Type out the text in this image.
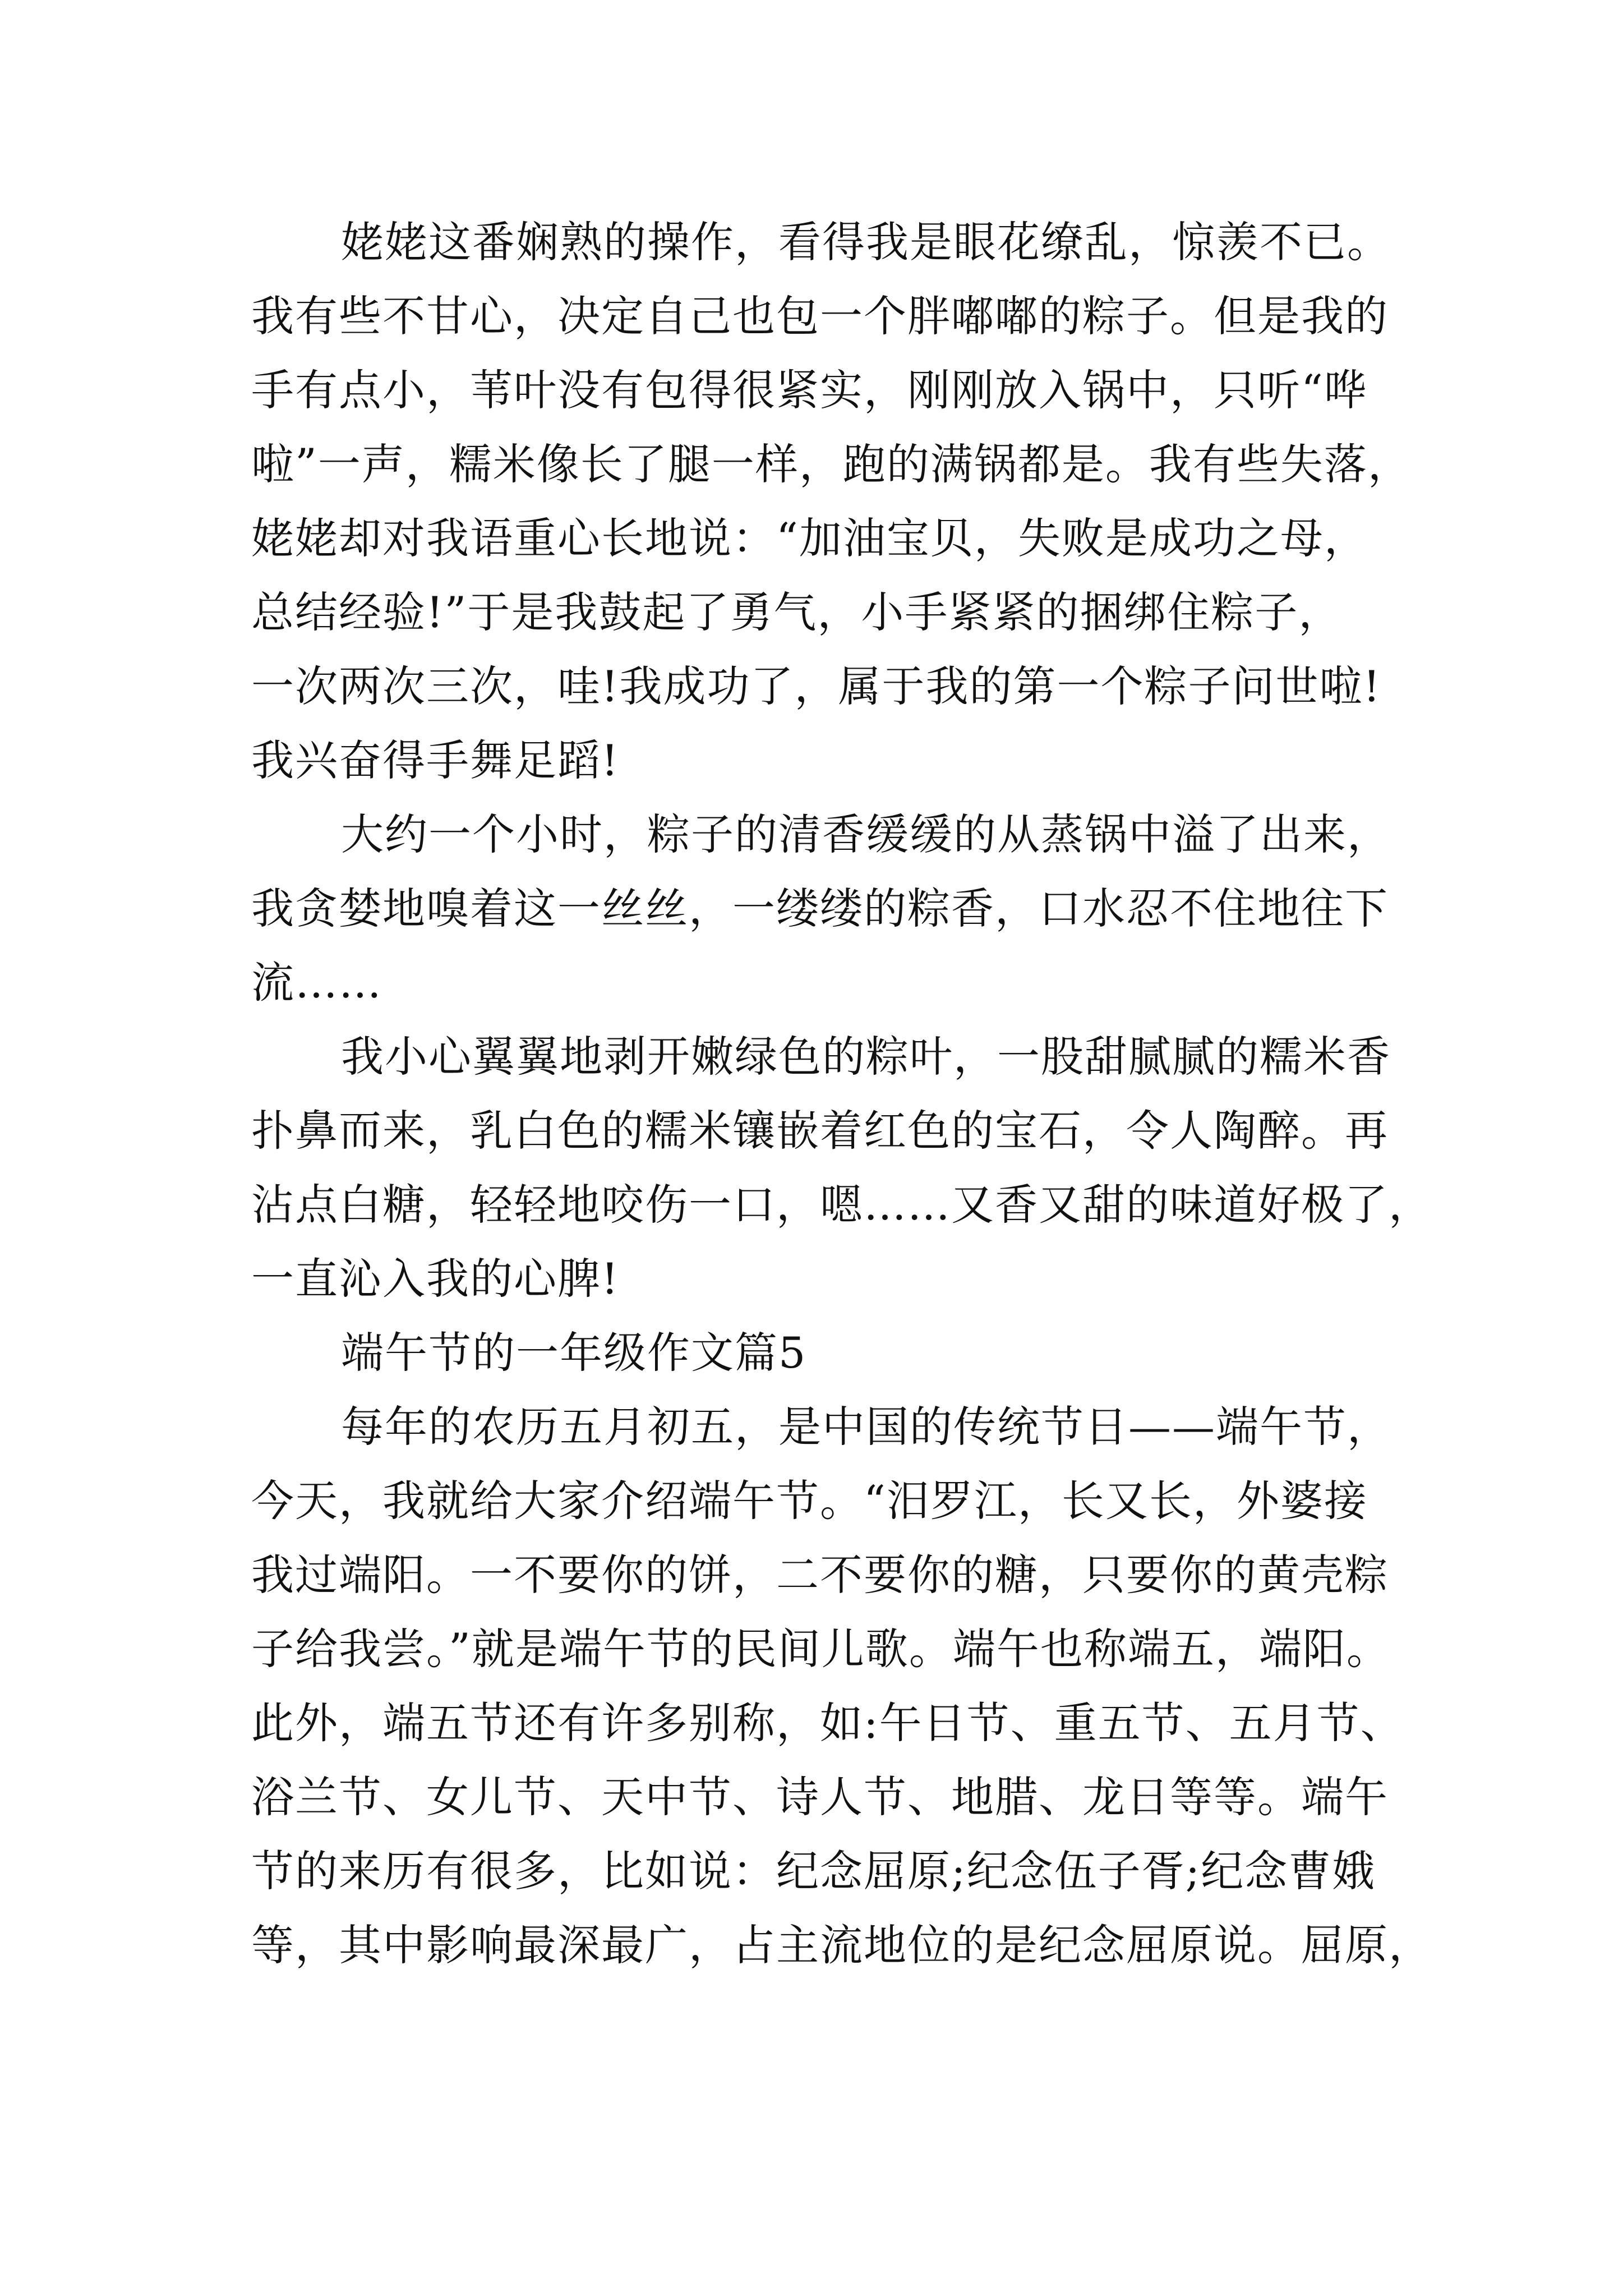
姥姥这番娴熟的操作，看得我是眼花缭乱，惊羡不已。
我有些不甘心，决定自己也包一个胖嘟嘟的粽子。但是我的
手有点小，苇叶没有包得很紧实，刚刚放入锅中，只听“哗
啦”一声，糯米像长了腿一样，跑的满锅都是。我有些失落，
姥姥却对我语重心长地说：“加油宝贝，失败是成功之母，
总结经验!”于是我鼓起了勇气，小手紧紧的捆绑住粽子，
一次两次三次，哇!我成功了，属于我的第一个粽子问世啦!
我兴奋得手舞足蹈!

大约一个小时，粽子的清香缓缓的从蒸锅中溢了出来，
我贪婪地嗅着这一丝丝，一缕缕的粽香，口水忍不住地往下
流……

我小心翼翼地剥开嫩绿色的粽叶，一股甜腻腻的糯米香
扑鼻而来，乳白色的糯米镶嵌着红色的宝石，令人陶醉。再
沾点白糖，轻轻地咬伤一口，嗯……又香又甜的味道好极了，
一直沁入我的心脾!

端午节的一年级作文篇5

每年的农历五月初五，是中国的传统节日——端午节，
今天，我就给大家介绍端午节。“汨罗江，长又长，外婆接
我过端阳。一不要你的饼，二不要你的糖，只要你的黄壳粽
子给我尝。”就是端午节的民间儿歌。端午也称端五，端阳。
此外，端五节还有许多别称，如:午日节、重五节、五月节、
浴兰节、女儿节、天中节、诗人节、地腊、龙日等等。端午
节的来历有很多，比如说：纪念屈原;纪念伍子胥;纪念曹娥
等，其中影响最深最广，占主流地位的是纪念屈原说。屈原，
